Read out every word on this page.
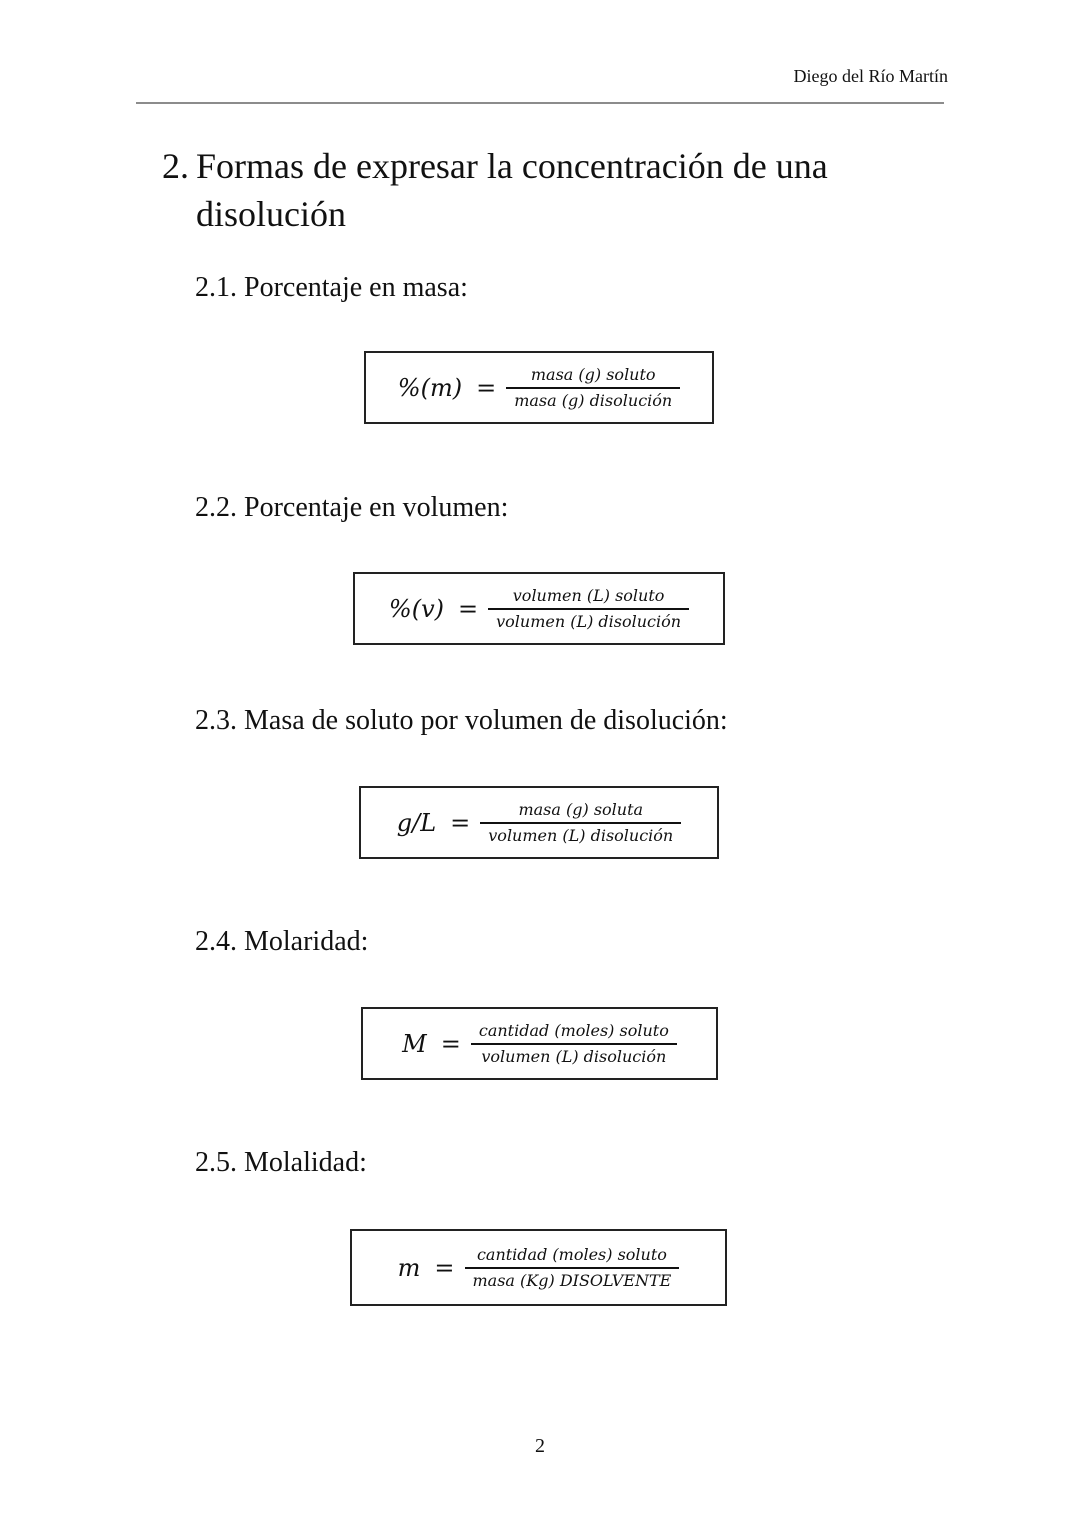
Diego del Río Martín
2. Formas de expresar la concentración de una disolución
2.1. Porcentaje en masa:
$\%(m) = \frac{\text{masa (g) soluto}}{\text{masa (g) disolución}}$
2.2. Porcentaje en volumen:
$\%(v) = \frac{\text{volumen (L) soluto}}{\text{volumen (L) disolución}}$
2.3. Masa de soluto por volumen de disolución:
$g/L = \frac{\text{masa (g) soluta}}{\text{volumen (L) disolución}}$
2.4. Molaridad:
$M = \frac{\text{cantidad (moles) soluto}}{\text{volumen (L) disolución}}$
2.5. Molalidad:
$m = \frac{\text{cantidad (moles) soluto}}{\text{masa (Kg) DISOLVENTE}}$
2
